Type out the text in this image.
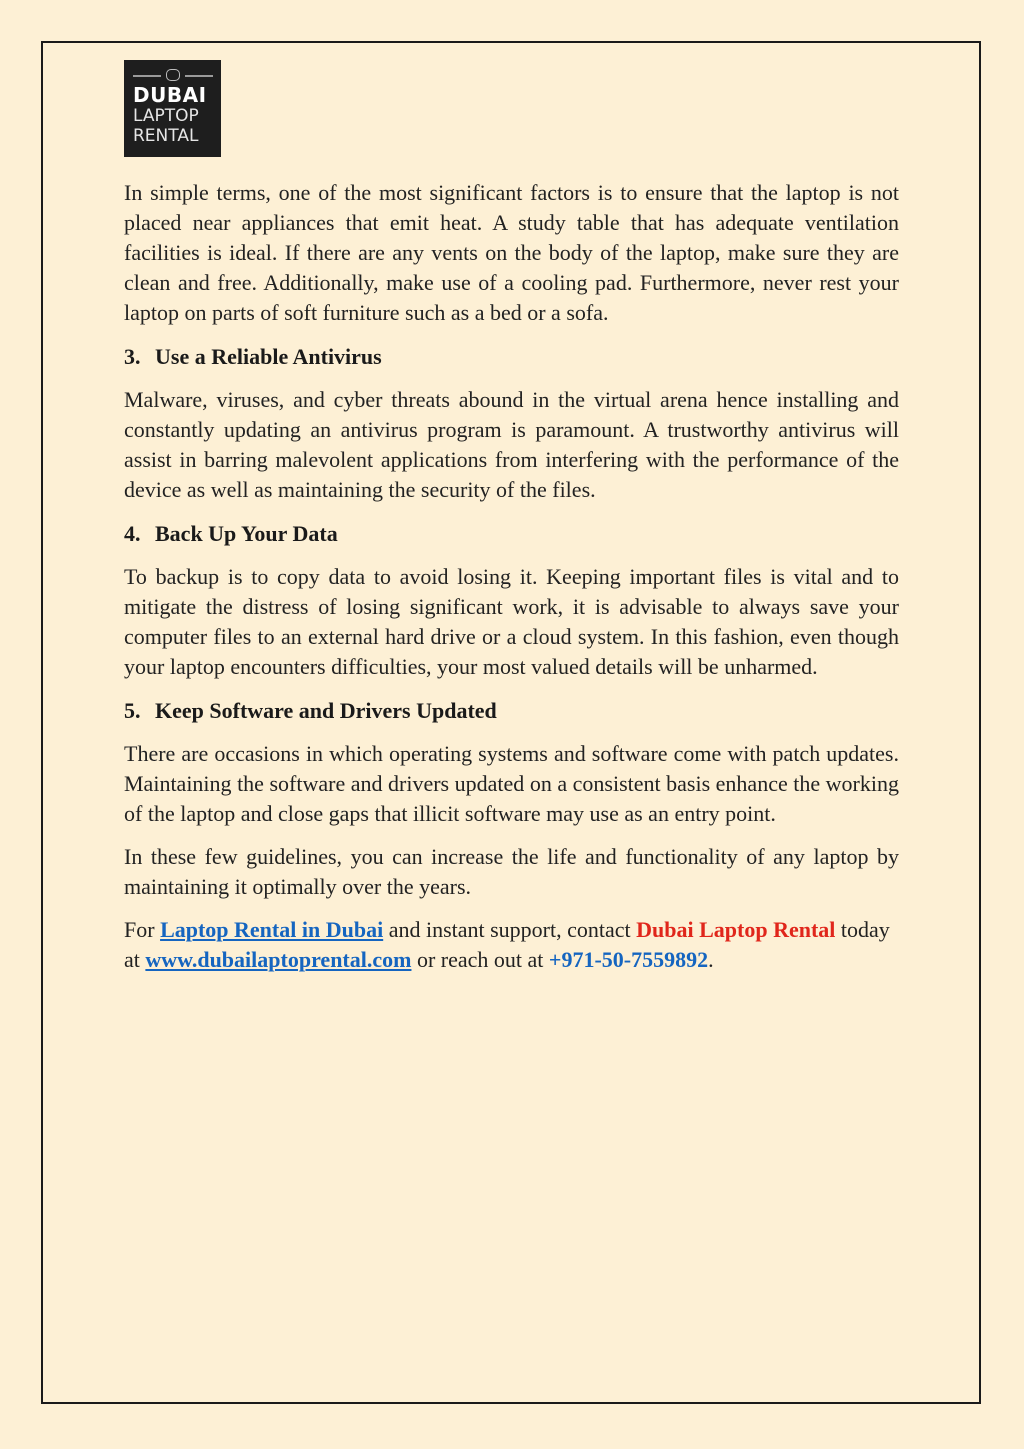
DUBAI
LAPTOP
RENTAL

In simple terms, one of the most significant factors is to ensure that the laptop is not placed near appliances that emit heat. A study table that has adequate ventilation facilities is ideal. If there are any vents on the body of the laptop, make sure they are clean and free. Additionally, make use of a cooling pad. Furthermore, never rest your laptop on parts of soft furniture such as a bed or a sofa.

3. Use a Reliable Antivirus

Malware, viruses, and cyber threats abound in the virtual arena hence installing and constantly updating an antivirus program is paramount. A trustworthy antivirus will assist in barring malevolent applications from interfering with the performance of the device as well as maintaining the security of the files.

4. Back Up Your Data

To backup is to copy data to avoid losing it. Keeping important files is vital and to mitigate the distress of losing significant work, it is advisable to always save your computer files to an external hard drive or a cloud system. In this fashion, even though your laptop encounters difficulties, your most valued details will be unharmed.

5. Keep Software and Drivers Updated

There are occasions in which operating systems and software come with patch updates. Maintaining the software and drivers updated on a consistent basis enhance the working of the laptop and close gaps that illicit software may use as an entry point.

In these few guidelines, you can increase the life and functionality of any laptop by maintaining it optimally over the years.

For Laptop Rental in Dubai and instant support, contact Dubai Laptop Rental today at www.dubailaptoprental.com or reach out at +971-50-7559892.
